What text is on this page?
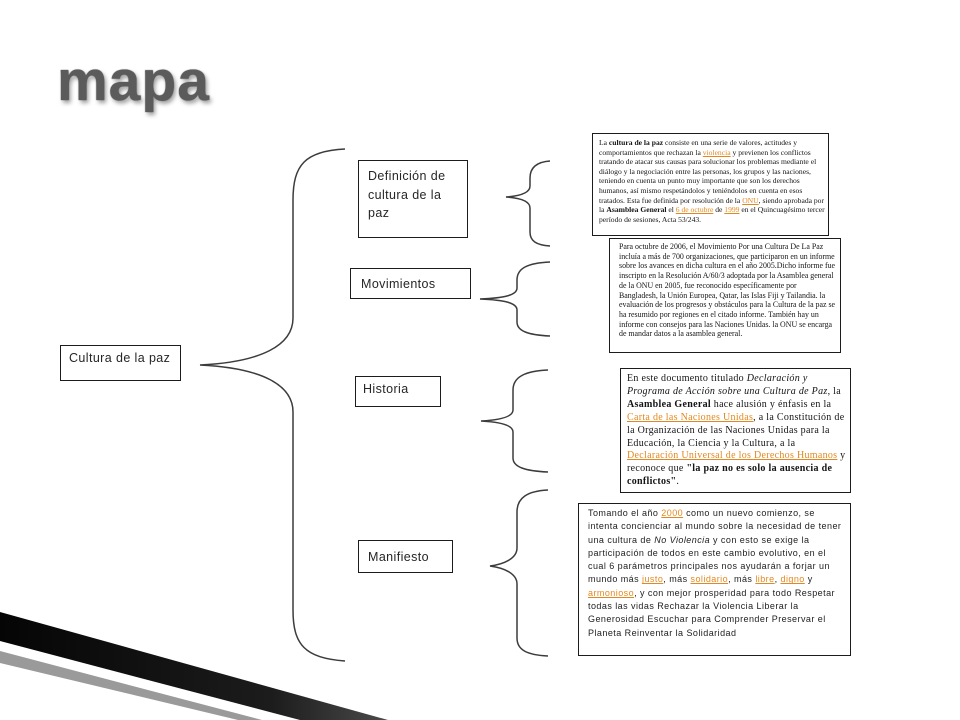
mapa
Cultura de la paz
Definición de cultura de la paz
Movimientos
Historia
Manifiesto
La cultura de la paz consiste en una serie de valores, actitudes y comportamientos que rechazan la violencia y previenen los conflictos tratando de atacar sus causas para solucionar los problemas mediante el diálogo y la negociación entre las personas, los grupos y las naciones, teniendo en cuenta un punto muy importante que son los derechos humanos, así mismo respetándolos y teniéndolos en cuenta en esos tratados. Esta fue definida por resolución de la ONU, siendo aprobada por la Asamblea General el 6 de octubre de 1999 en el Quincuagésimo tercer período de sesiones, Acta 53/243.
Para octubre de 2006, el Movimiento Por una Cultura De La Paz incluía a más de 700 organizaciones, que participaron en un informe sobre los avances en dicha cultura en el año 2005.Dicho informe fue inscripto en la Resolución A/60/3 adoptada por la Asamblea general de la ONU en 2005, fue reconocido específicamente por Bangladesh, la Unión Europea, Qatar, las Islas Fiji y Tailandia. la evaluación de los progresos y obstáculos para la Cultura de la paz se ha resumido por regiones en el citado informe. También hay un informe con consejos para las Naciones Unidas. la ONU se encarga de mandar datos a la asamblea general.
En este documento titulado Declaración y Programa de Acción sobre una Cultura de Paz, la Asamblea General hace alusión y énfasis en la Carta de las Naciones Unidas, a la Constitución de la Organización de las Naciones Unidas para la Educación, la Ciencia y la Cultura, a la Declaración Universal de los Derechos Humanos y reconoce que "la paz no es solo la ausencia de conflictos".
Tomando el año 2000 como un nuevo comienzo, se intenta concienciar al mundo sobre la necesidad de tener una cultura de No Violencia y con esto se exige la participación de todos en este cambio evolutivo, en el cual 6 parámetros principales nos ayudarán a forjar un mundo más justo, más solidario, más libre, digno y armonioso, y con mejor prosperidad para todo Respetar todas las vidas Rechazar la Violencia Liberar la Generosidad Escuchar para Comprender Preservar el Planeta Reinventar la Solidaridad
